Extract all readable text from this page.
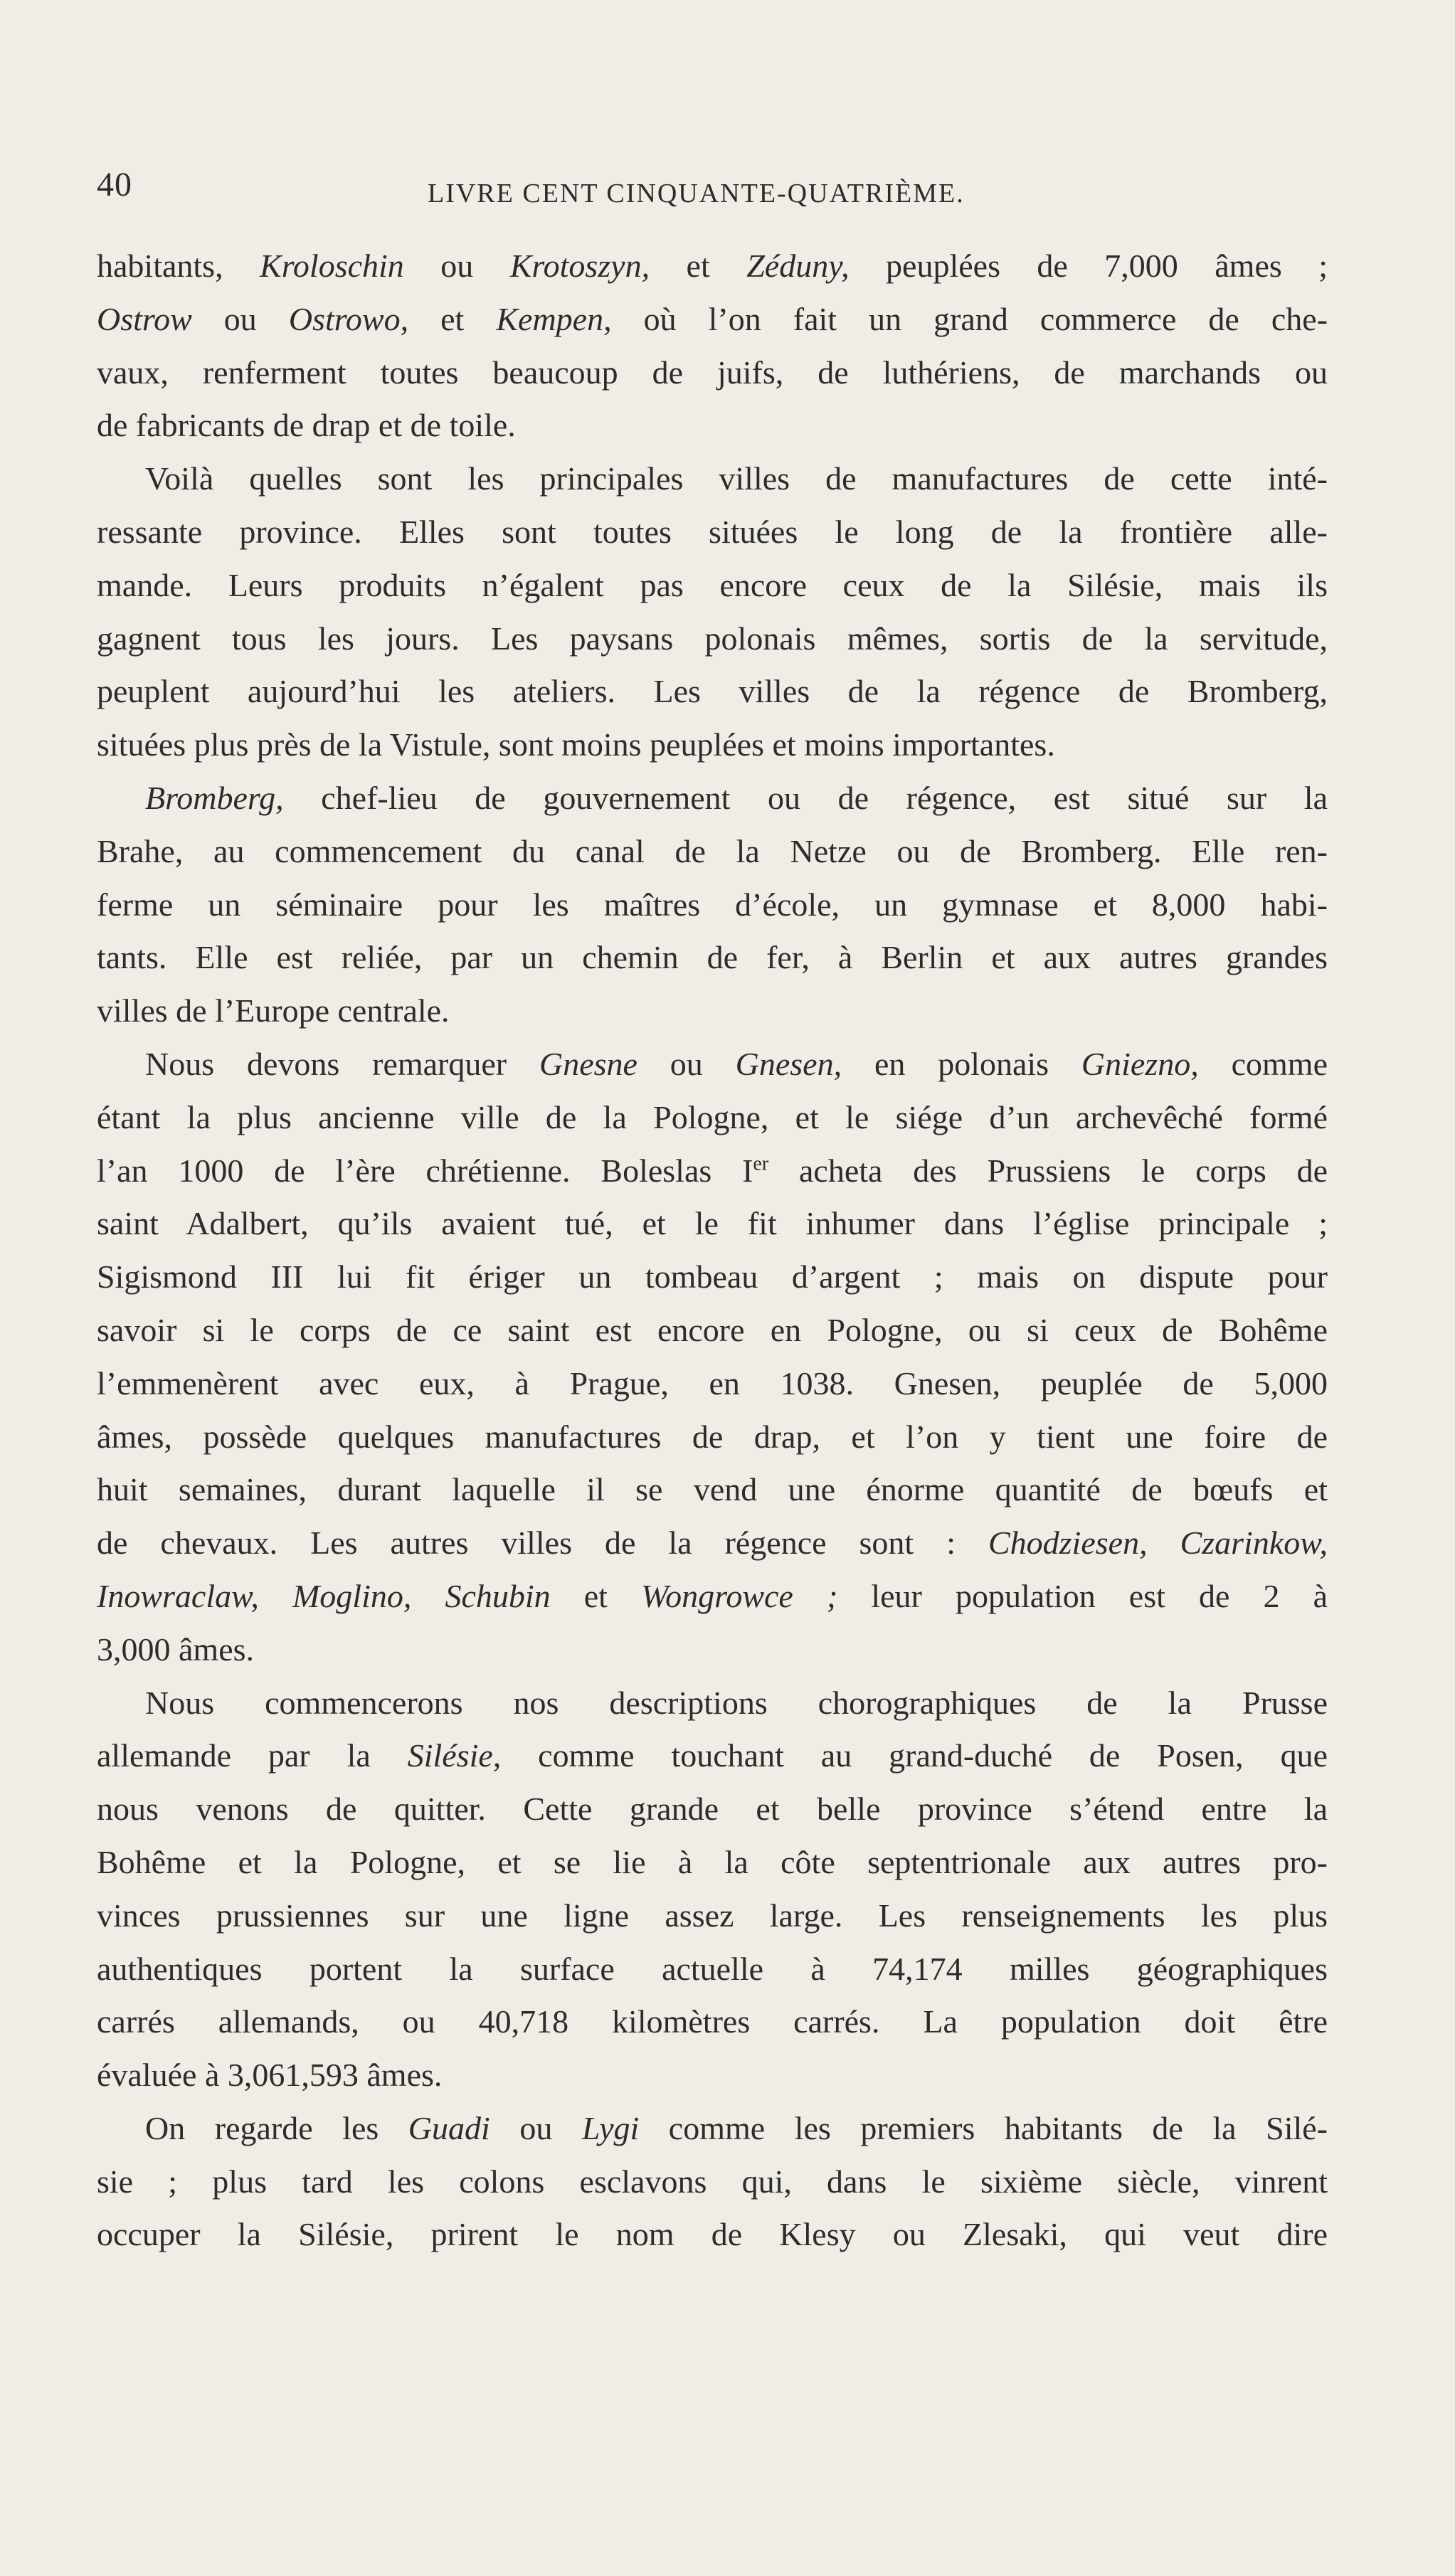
40	LIVRE CENT CINQUANTE-QUATRIÈME.
habitants, Kroloschin ou Krotoszyn, et Zéduny, peuplées de 7,000 âmes ;
Ostrow ou Ostrowo, et Kempen, où l’on fait un grand commerce de che-
vaux, renferment toutes beaucoup de juifs, de luthériens, de marchands ou
de fabricants de drap et de toile.
Voilà quelles sont les principales villes de manufactures de cette inté-
ressante province. Elles sont toutes situées le long de la frontière alle-
mande. Leurs produits n’égalent pas encore ceux de la Silésie, mais ils
gagnent tous les jours. Les paysans polonais mêmes, sortis de la servitude,
peuplent aujourd’hui les ateliers. Les villes de la régence de Bromberg,
situées plus près de la Vistule, sont moins peuplées et moins importantes.
Bromberg, chef-lieu de gouvernement ou de régence, est situé sur la
Brahe, au commencement du canal de la Netze ou de Bromberg. Elle ren-
ferme un séminaire pour les maîtres d’école, un gymnase et 8,000 habi-
tants. Elle est reliée, par un chemin de fer, à Berlin et aux autres grandes
villes de l’Europe centrale.
Nous devons remarquer Gnesne ou Gnesen, en polonais Gniezno, comme
étant la plus ancienne ville de la Pologne, et le siége d’un archevêché formé
l’an 1000 de l’ère chrétienne. Boleslas Ier acheta des Prussiens le corps de
saint Adalbert, qu’ils avaient tué, et le fit inhumer dans l’église principale ;
Sigismond III lui fit ériger un tombeau d’argent ; mais on dispute pour
savoir si le corps de ce saint est encore en Pologne, ou si ceux de Bohême
l’emmenèrent avec eux, à Prague, en 1038. Gnesen, peuplée de 5,000
âmes, possède quelques manufactures de drap, et l’on y tient une foire de
huit semaines, durant laquelle il se vend une énorme quantité de bœufs et
de chevaux. Les autres villes de la régence sont : Chodziesen, Czarinkow,
Inowraclaw, Moglino, Schubin et Wongrowce ; leur population est de 2 à
3,000 âmes.
Nous commencerons nos descriptions chorographiques de la Prusse
allemande par la Silésie, comme touchant au grand-duché de Posen, que
nous venons de quitter. Cette grande et belle province s’étend entre la
Bohême et la Pologne, et se lie à la côte septentrionale aux autres pro-
vinces prussiennes sur une ligne assez large. Les renseignements les plus
authentiques portent la surface actuelle à 74,174 milles géographiques
carrés allemands, ou 40,718 kilomètres carrés. La population doit être
évaluée à 3,061,593 âmes.
On regarde les Guadi ou Lygi comme les premiers habitants de la Silé-
sie ; plus tard les colons esclavons qui, dans le sixième siècle, vinrent
occuper la Silésie, prirent le nom de Klesy ou Zlesaki, qui veut dire
